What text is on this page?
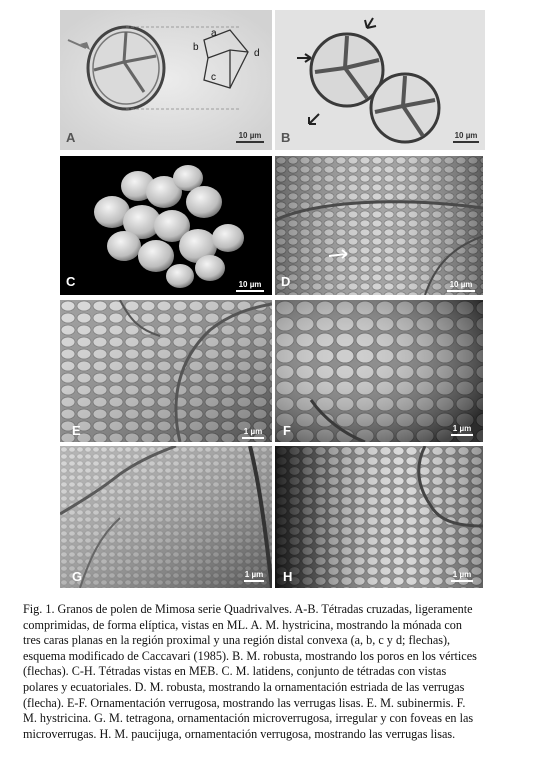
a
b
c
d
A	10 µm B	10 µm
C	10 µm D	10 µm
E	1 µm F	1 µm
G	1 µm H	1 µm
Fig. 1. Granos de polen de Mimosa serie Quadrivalves. A-B. Tétradas cruzadas, ligeramente
comprimidas, de forma elíptica, vistas en ML. A. M. hystricina, mostrando la mónada con
tres caras planas en la región proximal y una región distal convexa (a, b, c y d; flechas),
esquema modificado de Caccavari (1985). B. M. robusta, mostrando los poros en los vértices
(flechas). C-H. Tétradas vistas en MEB. C. M. latidens, conjunto de tétradas con vistas
polares y ecuatoriales. D. M. robusta, mostrando la ornamentación estriada de las verrugas
(flecha). E-F. Ornamentación verrugosa, mostrando las verrugas lisas. E. M. subinermis. F.
M. hystricina. G. M. tetragona, ornamentación microverrugosa, irregular y con foveas en las
microverrugas. H. M. paucijuga, ornamentación verrugosa, mostrando las verrugas lisas.
